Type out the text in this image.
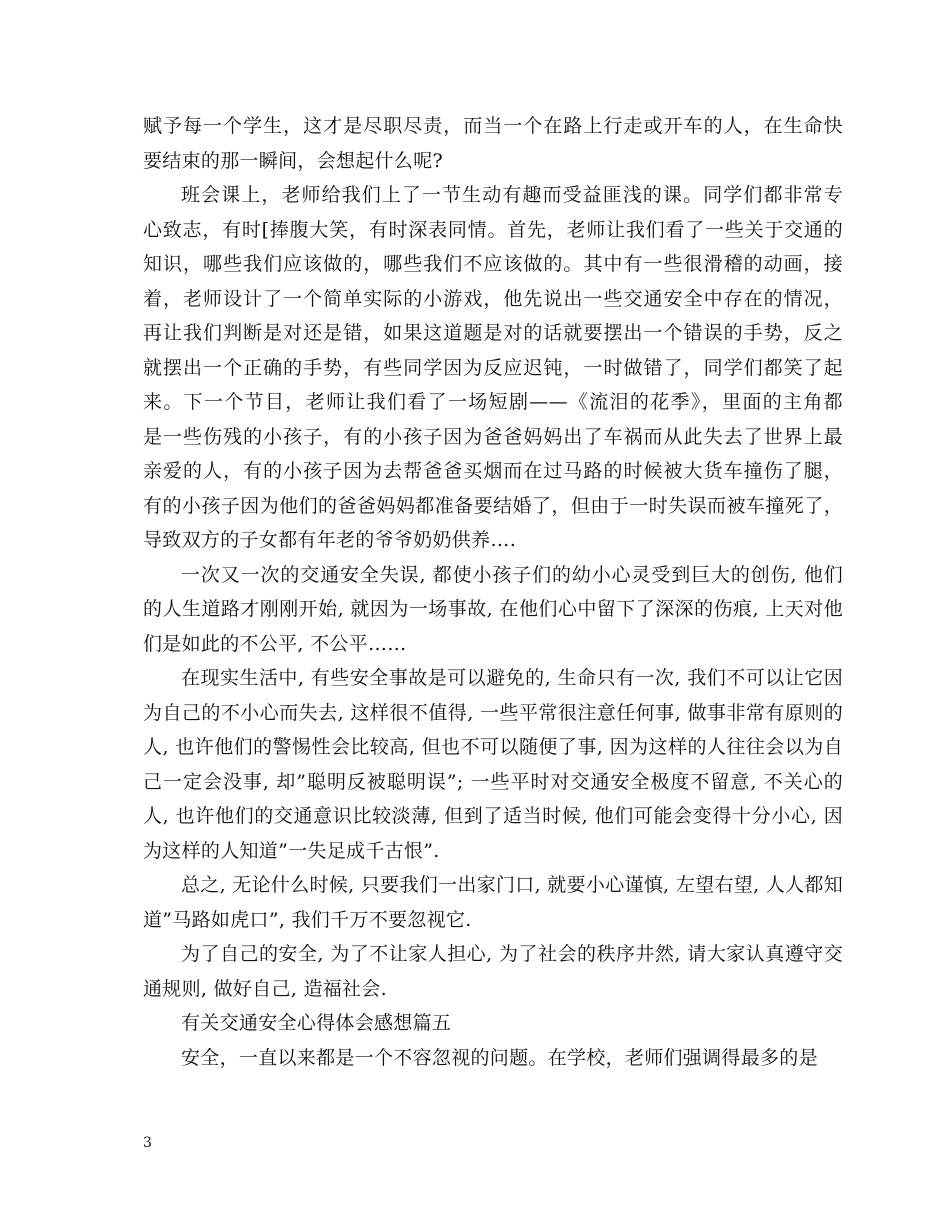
赋予每一个学生，这才是尽职尽责，而当一个在路上行走或开车的人，在生命快
要结束的那一瞬间，会想起什么呢?
班会课上，老师给我们上了一节生动有趣而受益匪浅的课。同学们都非常专
心致志，有时[捧腹大笑，有时深表同情。首先，老师让我们看了一些关于交通的
知识，哪些我们应该做的，哪些我们不应该做的。其中有一些很滑稽的动画，接
着，老师设计了一个简单实际的小游戏，他先说出一些交通安全中存在的情况，
再让我们判断是对还是错，如果这道题是对的话就要摆出一个错误的手势，反之
就摆出一个正确的手势，有些同学因为反应迟钝，一时做错了，同学们都笑了起
来。下一个节目，老师让我们看了一场短剧——《流泪的花季》，里面的主角都
是一些伤残的小孩子，有的小孩子因为爸爸妈妈出了车祸而从此失去了世界上最
亲爱的人，有的小孩子因为去帮爸爸买烟而在过马路的时候被大货车撞伤了腿，
有的小孩子因为他们的爸爸妈妈都准备要结婚了，但由于一时失误而被车撞死了，
导致双方的子女都有年老的爷爷奶奶供养….
一次又一次的交通安全失误, 都使小孩子们的幼小心灵受到巨大的创伤, 他们
的人生道路才刚刚开始, 就因为一场事故, 在他们心中留下了深深的伤痕, 上天对他
们是如此的不公平, 不公平……
在现实生活中, 有些安全事故是可以避免的, 生命只有一次, 我们不可以让它因
为自己的不小心而失去, 这样很不值得, 一些平常很注意任何事, 做事非常有原则的
人, 也许他们的警惕性会比较高, 但也不可以随便了事, 因为这样的人往往会以为自
己一定会没事, 却”聪明反被聪明误”; 一些平时对交通安全极度不留意, 不关心的
人, 也许他们的交通意识比较淡薄, 但到了适当时候, 他们可能会变得十分小心, 因
为这样的人知道”一失足成千古恨”.
总之, 无论什么时候, 只要我们一出家门口, 就要小心谨慎, 左望右望, 人人都知
道”马路如虎口”, 我们千万不要忽视它.
为了自己的安全, 为了不让家人担心, 为了社会的秩序井然, 请大家认真遵守交
通规则, 做好自己, 造福社会.
有关交通安全心得体会感想篇五
安全，一直以来都是一个不容忽视的问题。在学校，老师们强调得最多的是
3
